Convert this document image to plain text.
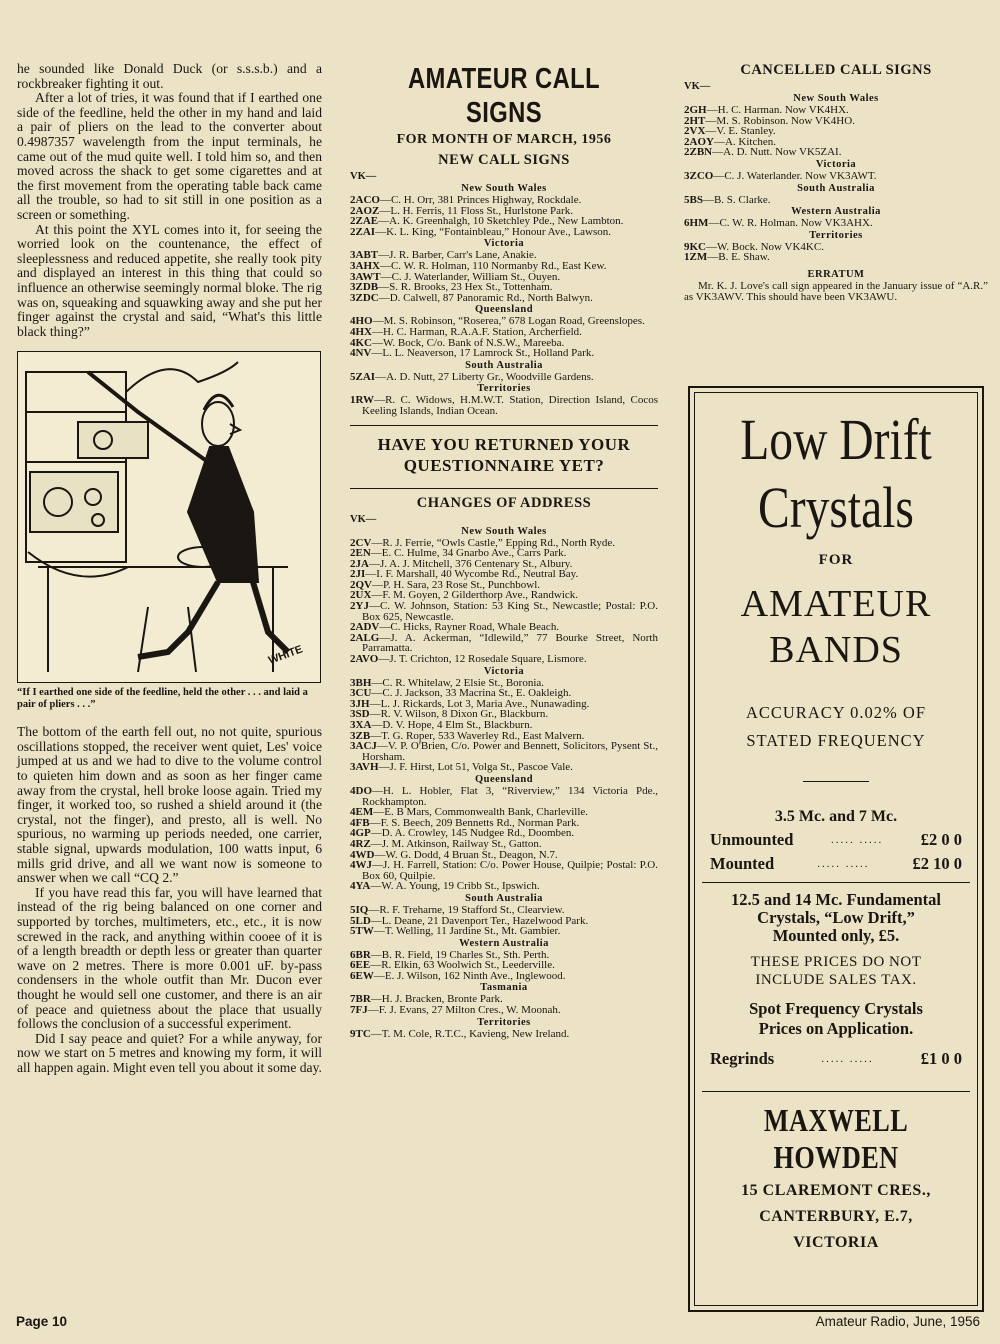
he sounded like Donald Duck (or s.s.s.b.) and a rockbreaker fighting it out.

After a lot of tries, it was found that if I earthed one side of the feedline, held the other in my hand and laid a pair of pliers on the lead to the converter about 0.4987357 wavelength from the input terminals, he came out of the mud quite well. I told him so, and then moved across the shack to get some cigarettes and at the first movement from the operating table back came all the trouble, so had to sit still in one position as a screen or something.

At this point the XYL comes into it, for seeing the worried look on the countenance, the effect of sleeplessness and reduced appetite, she really took pity and displayed an interest in this thing that could so influence an otherwise seemingly normal bloke. The rig was on, squeaking and squawking away and she put her finger against the crystal and said, “What's this little black thing?”

WHITE
“If I earthed one side of the feedline, held the other . . . and laid a pair of pliers . . .”

The bottom of the earth fell out, no not quite, spurious oscillations stopped, the receiver went quiet, Les' voice jumped at us and we had to dive to the volume control to quieten him down and as soon as her finger came away from the crystal, hell broke loose again. Tried my finger, it worked too, so rushed a shield around it (the crystal, not the finger), and presto, all is well. No spurious, no warming up periods needed, one carrier, stable signal, upwards modulation, 100 watts input, 6 mills grid drive, and all we want now is someone to answer when we call “CQ 2.”

If you have read this far, you will have learned that instead of the rig being balanced on one corner and supported by torches, multimeters, etc., etc., it is now screwed in the rack, and anything within cooee of it is of a length breadth or depth less or greater than quarter wave on 2 metres. There is more 0.001 uF. by-pass condensers in the whole outfit than Mr. Ducon ever thought he would sell one customer, and there is an air of peace and quietness about the place that usually follows the conclusion of a successful experiment.

Did I say peace and quiet? For a while anyway, for now we start on 5 metres and knowing my form, it will all happen again. Might even tell you about it some day.

AMATEUR CALL SIGNS
FOR MONTH OF MARCH, 1956
NEW CALL SIGNS
VK—
New South Wales
2ACO—C. H. Orr, 381 Princes Highway, Rockdale.
2AOZ—L. H. Ferris, 11 Floss St., Hurlstone Park.
2ZAE—A. K. Greenhalgh, 10 Sketchley Pde., New Lambton.
2ZAI—K. L. King, “Fontainbleau,” Honour Ave., Lawson.
Victoria
3ABT—J. R. Barber, Carr's Lane, Anakie.
3AHX—C. W. R. Holman, 110 Normanby Rd., East Kew.
3AWT—C. J. Waterlander, William St., Ouyen.
3ZDB—S. R. Brooks, 23 Hex St., Tottenham.
3ZDC—D. Calwell, 87 Panoramic Rd., North Balwyn.
Queensland
4HO—M. S. Robinson, “Roserea,” 678 Logan Road, Greenslopes.
4HX—H. C. Harman, R.A.A.F. Station, Archerfield.
4KC—W. Bock, C/o. Bank of N.S.W., Mareeba.
4NV—L. L. Neaverson, 17 Lamrock St., Holland Park.
South Australia
5ZAI—A. D. Nutt, 27 Liberty Gr., Woodville Gardens.
Territories
1RW—R. C. Widows, H.M.W.T. Station, Direction Island, Cocos Keeling Islands, Indian Ocean.
HAVE YOU RETURNED YOUR QUESTIONNAIRE YET?
CHANGES OF ADDRESS
VK—
New South Wales
2CV—R. J. Ferrie, “Owls Castle,” Epping Rd., North Ryde.
2EN—E. C. Hulme, 34 Gnarbo Ave., Carrs Park.
2JA—J. A. J. Mitchell, 376 Centenary St., Albury.
2JI—I. F. Marshall, 40 Wycombe Rd., Neutral Bay.
2QV—P. H. Sara, 23 Rose St., Punchbowl.
2UX—F. M. Goyen, 2 Gilderthorp Ave., Randwick.
2YJ—C. W. Johnson, Station: 53 King St., Newcastle; Postal: P.O. Box 625, Newcastle.
2ADV—C. Hicks, Rayner Road, Whale Beach.
2ALG—J. A. Ackerman, “Idlewild,” 77 Bourke Street, North Parramatta.
2AVO—J. T. Crichton, 12 Rosedale Square, Lismore.
Victoria
3BH—C. R. Whitelaw, 2 Elsie St., Boronia.
3CU—C. J. Jackson, 33 Macrina St., E. Oakleigh.
3JH—L. J. Rickards, Lot 3, Maria Ave., Nunawading.
3SD—R. V. Wilson, 8 Dixon Gr., Blackburn.
3XA—D. V. Hope, 4 Elm St., Blackburn.
3ZB—T. G. Roper, 533 Waverley Rd., East Malvern.
3ACJ—V. P. O'Brien, C/o. Power and Bennett, Solicitors, Pysent St., Horsham.
3AVH—J. F. Hirst, Lot 51, Volga St., Pascoe Vale.
Queensland
4DO—H. L. Hobler, Flat 3, “Riverview,” 134 Victoria Pde., Rockhampton.
4EM—E. B Mars, Commonwealth Bank, Charleville.
4FB—F. S. Beech, 209 Bennetts Rd., Norman Park.
4GP—D. A. Crowley, 145 Nudgee Rd., Doomben.
4RZ—J. M. Atkinson, Railway St., Gatton.
4WD—W. G. Dodd, 4 Bruan St., Deagon, N.7.
4WJ—J. H. Farrell, Station: C/o. Power House, Quilpie; Postal: P.O. Box 60, Quilpie.
4YA—W. A. Young, 19 Cribb St., Ipswich.
South Australia
5IQ—R. F. Treharne, 19 Stafford St., Clearview.
5LD—L. Deane, 21 Davenport Ter., Hazelwood Park.
5TW—T. Welling, 11 Jardine St., Mt. Gambier.
Western Australia
6BR—B. R. Field, 19 Charles St., Sth. Perth.
6EE—R. Elkin, 63 Woolwich St., Leederville.
6EW—E. J. Wilson, 162 Ninth Ave., Inglewood.
Tasmania
7BR—H. J. Bracken, Bronte Park.
7FJ—F. J. Evans, 27 Milton Cres., W. Moonah.
Territories
9TC—T. M. Cole, R.T.C., Kavieng, New Ireland.
CANCELLED CALL SIGNS
VK—
New South Wales
2GH—H. C. Harman. Now VK4HX.
2HT—M. S. Robinson. Now VK4HO.
2VX—V. E. Stanley.
2AOY—A. Kitchen.
2ZBN—A. D. Nutt. Now VK5ZAI.
Victoria
3ZCO—C. J. Waterlander. Now VK3AWT.
South Australia
5BS—B. S. Clarke.
Western Australia
6HM—C. W. R. Holman. Now VK3AHX.
Territories
9KC—W. Bock. Now VK4KC.
1ZM—B. E. Shaw.
ERRATUM
Mr. K. J. Love's call sign appeared in the January issue of “A.R.” as VK3AWV. This should have been VK3AWU.
Low Drift
Crystals
FOR
AMATEUR
BANDS
ACCURACY 0.02% OF
STATED FREQUENCY
3.5 Mc. and 7 Mc.
Unmounted	..... .....	£2 0 0
Mounted	..... .....	£2 10 0
12.5 and 14 Mc. Fundamental
Crystals, “Low Drift,”
Mounted only, £5.
THESE PRICES DO NOT
INCLUDE SALES TAX.
Spot Frequency Crystals
Prices on Application.
Regrinds	..... .....	£1 0 0
MAXWELL HOWDEN
15 CLAREMONT CRES.,
CANTERBURY, E.7,
VICTORIA
Page 10	Amateur Radio, June, 1956
